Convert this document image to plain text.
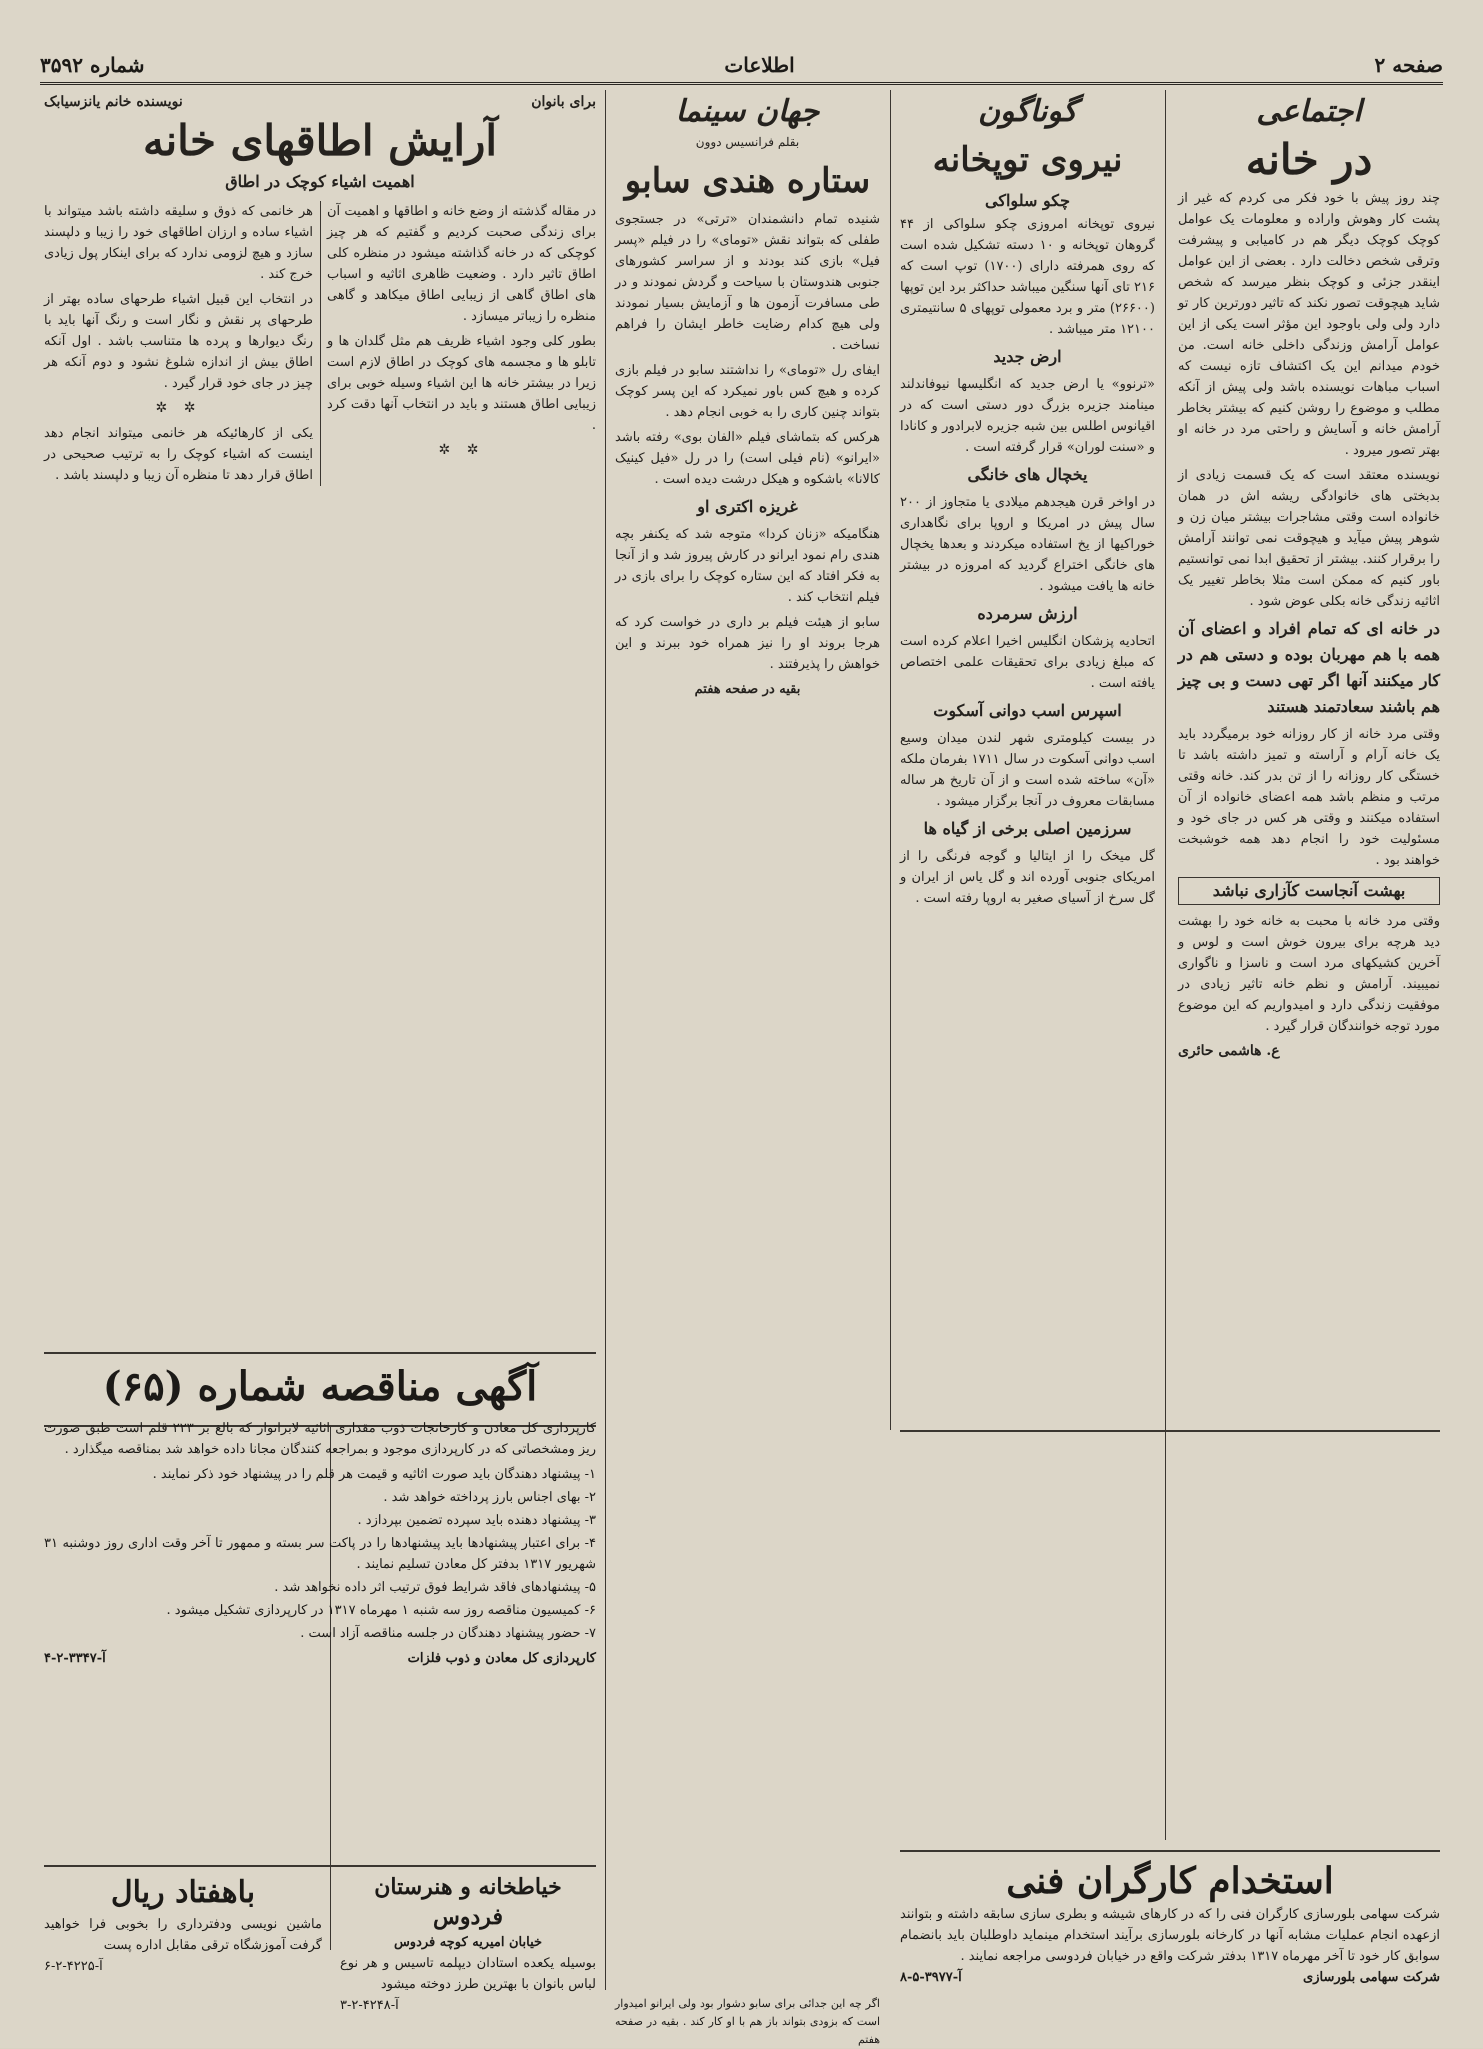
صفحه ۲
اطلاعات
شماره ۳۵۹۲
اجتماعی
در خانه

چند روز پیش با خود فکر می کردم که غیر از پشت کار وهوش واراده و معلومات یک عوامل کوچک کوچک دیگر هم در کامیابی و پیشرفت وترقی شخص دخالت دارد . بعضی از این عوامل اینقدر جزئی و کوچک بنظر میرسد که شخص شاید هیچوقت تصور نکند که تاثیر دورترین کار تو دارد ولی ولی باوجود این مؤثر است یکی از این عوامل آرامش وزندگی داخلی خانه است. من خودم میدانم این یک اکتشاف تازه نیست که اسباب مباهات نویسنده باشد ولی پیش از آنکه مطلب و موضوع را روشن کنیم که بیشتر بخاطر آرامش خانه و آسایش و راحتی مرد در خانه او بهتر تصور میرود .

نویسنده معتقد است که یک قسمت زیادی از بدبختی های خانوادگی ریشه اش در همان خانواده است وقتی مشاجرات بیشتر میان زن و شوهر پیش میآید و هیچوقت نمی توانند آرامش را برقرار کنند. بیشتر از تحقیق ابدا نمی توانستیم باور کنیم که ممکن است مثلا بخاطر تغییر یک اثاثیه زندگی خانه بکلی عوض شود .

در خانه ای که تمام افراد و اعضای آن همه با هم مهربان بوده و دستی هم در کار میکنند آنها اگر تهی دست و بی چیز هم باشند سعادتمند هستند

وقتی مرد خانه از کار روزانه خود برمیگردد باید یک خانه آرام و آراسته و تمیز داشته باشد تا خستگی کار روزانه را از تن بدر کند. خانه وقتی مرتب و منظم باشد همه اعضای خانواده از آن استفاده میکنند و وقتی هر کس در جای خود و مسئولیت خود را انجام دهد همه خوشبخت خواهند بود .

بهشت آنجاست کآزاری نباشد

وقتی مرد خانه با محبت به خانه خود را بهشت دید هرچه برای بیرون خوش است و لوس و آخرین کشیکهای مرد است و ناسزا و ناگواری نمیبیند. آرامش و نظم خانه تاثیر زیادی در موفقیت زندگی دارد و امیدواریم که این موضوع مورد توجه خوانندگان قرار گیرد .

ع. هاشمی حائری

گوناگون
نیروی توپخانه
چکو سلواکی

نیروی توپخانه امروزی چکو سلواکی از ۴۴ گروهان توپخانه و ۱۰ دسته تشکیل شده است که روی همرفته دارای (۱۷۰۰) توپ است که ۲۱۶ تای آنها سنگین میباشد حداکثر برد این توپها (۲۶۶۰۰) متر و برد معمولی توپهای ۵ سانتیمتری ۱۲۱۰۰ متر میباشد .

ارض جدید

«ترنوو» یا ارض جدید که انگلیسها نیوفاندلند مینامند جزیره بزرگ دور دستی است که در اقیانوس اطلس بین شبه جزیره لابرادور و کانادا و «سنت لوران» قرار گرفته است .

یخچال های خانگی

در اواخر قرن هیجدهم میلادی یا متجاوز از ۲۰۰ سال پیش در امریکا و اروپا برای نگاهداری خوراکیها از یخ استفاده میکردند و بعدها یخچال های خانگی اختراع گردید که امروزه در بیشتر خانه ها یافت میشود .

ارزش سرمرده

اتحادیه پزشکان انگلیس اخیرا اعلام کرده است که مبلغ زیادی برای تحقیقات علمی اختصاص یافته است .

اسپرس اسب دوانی آسکوت

در بیست کیلومتری شهر لندن میدان وسیع اسب دوانی آسکوت در سال ۱۷۱۱ بفرمان ملکه «آن» ساخته شده است و از آن تاریخ هر ساله مسابقات معروف در آنجا برگزار میشود .

سرزمین اصلی برخی از گیاه ها

گل میخک را از ایتالیا و گوجه فرنگی را از امریکای جنوبی آورده اند و گل یاس از ایران و گل سرخ از آسیای صغیر به اروپا رفته است .

جهان سینما
بقلم فرانسیس دوون
ستاره هندی سابو

شنیده تمام دانشمندان «ترتی» در جستجوی طفلی که بتواند نقش «تومای» را در فیلم «پسر فیل» بازی کند بودند و از سراسر کشورهای جنوبی هندوستان با سیاحت و گردش نمودند و در طی مسافرت آزمون ها و آزمایش بسیار نمودند ولی هیچ کدام رضایت خاطر ایشان را فراهم نساخت .

ایفای رل «تومای» را نداشتند سابو در فیلم بازی کرده و هیچ کس باور نمیکرد که این پسر کوچک بتواند چنین کاری را به خوبی انجام دهد .

هرکس که بتماشای فیلم «الفان بوی» رفته باشد «ایرانو» (نام فیلی است) را در رل «فیل کینیک کالانا» باشکوه و هیکل درشت دیده است .

غریزه اکتری او

هنگامیکه «زنان کردا» متوجه شد که یکنفر بچه هندی رام نمود ایرانو در کارش پیروز شد و از آنجا به فکر افتاد که این ستاره کوچک را برای بازی در فیلم انتخاب کند .

سابو از هیئت فیلم بر داری در خواست کرد که هرجا بروند او را نیز همراه خود ببرند و این خواهش را پذیرفتند .

بقیه در صفحه هفتم

برای بانوان
نویسنده خانم یانزسیابک
آرایش اطاقهای خانه
اهمیت اشیاء کوچک در اطاق

در مقاله گذشته از وضع خانه و اطاقها و اهمیت آن برای زندگی صحبت کردیم و گفتیم که هر چیز کوچکی که در خانه گذاشته میشود در منظره کلی اطاق تاثیر دارد . وضعیت ظاهری اثاثیه و اسباب های اطاق گاهی از زیبایی اطاق میکاهد و گاهی منظره را زیباتر میسازد .

بطور کلی وجود اشیاء ظریف هم مثل گلدان ها و تابلو ها و مجسمه های کوچک در اطاق لازم است زیرا در بیشتر خانه ها این اشیاء وسیله خوبی برای زیبایی اطاق هستند و باید در انتخاب آنها دقت کرد .

✲ ✲

هر خانمی که ذوق و سلیقه داشته باشد میتواند با اشیاء ساده و ارزان اطاقهای خود را زیبا و دلپسند سازد و هیچ لزومی ندارد که برای اینکار پول زیادی خرج کند .

در انتخاب این قبیل اشیاء طرحهای ساده بهتر از طرحهای پر نقش و نگار است و رنگ آنها باید با رنگ دیوارها و پرده ها متناسب باشد . اول آنکه اطاق بیش از اندازه شلوغ نشود و دوم آنکه هر چیز در جای خود قرار گیرد .

✲ ✲

یکی از کارهائیکه هر خانمی میتواند انجام دهد اینست که اشیاء کوچک را به ترتیب صحیحی در اطاق قرار دهد تا منظره آن زیبا و دلپسند باشد .

آگهی مناقصه شماره (۶۵)

کارپردازی کل معادن و کارخانجات ذوب مقداری اثاثیه لابراتوار که بالغ بر ۲۲۳ قلم است طبق صورت ریز ومشخصاتی که در کارپردازی موجود و بمراجعه کنندگان مجانا داده خواهد شد بمناقصه میگذارد .

۱- پیشنهاد دهندگان باید صورت اثاثیه و قیمت هر قلم را در پیشنهاد خود ذکر نمایند .

۲- بهای اجناس بارز پرداخته خواهد شد .

۳- پیشنهاد دهنده باید سپرده تضمین بپردازد .

۴- برای اعتبار پیشنهادها باید پیشنهادها را در پاکت سر بسته و ممهور تا آخر وقت اداری روز دوشنبه ۳۱ شهریور ۱۳۱۷ بدفتر کل معادن تسلیم نمایند .

۵- پیشنهادهای فاقد شرایط فوق ترتیب اثر داده نخواهد شد .

۶- کمیسیون مناقصه روز سه شنبه ۱ مهرماه ۱۳۱۷ در کارپردازی تشکیل میشود .

۷- حضور پیشنهاد دهندگان در جلسه مناقصه آزاد است .

کارپردازی کل معادن و ذوب فلزات
آ-۳۳۴۷-۲-۴
خیاطخانه و هنرستان فردوس
خیابان امیریه کوچه فردوس

بوسیله یکعده استادان دیپلمه تاسیس و هر نوع لباس بانوان با بهترین طرز دوخته میشود

آ-۴۲۴۸-۲-۳
باهفتاد ریال

ماشین نویسی ودفترداری را بخوبی فرا خواهید گرفت آموزشگاه ترقی مقابل اداره پست

آ-۴۲۲۵-۲-۶
استخدام کارگران فنی

شرکت سهامی بلورسازی کارگران فنی را که در کارهای شیشه و بطری سازی سابقه داشته و بتوانند ازعهده انجام عملیات مشابه آنها در کارخانه بلورسازی برآیند استخدام مینماید داوطلبان باید بانضمام سوابق کار خود تا آخر مهرماه ۱۳۱۷ بدفتر شرکت واقع در خیابان فردوسی مراجعه نمایند .

شرکت سهامی بلورسازی
آ-۳۹۷۷-۵-۸
اگر چه این جدائی برای سابو دشوار بود ولی ایرانو امیدوار است که بزودی بتواند باز هم با او کار کند . بقیه در صفحه هفتم
